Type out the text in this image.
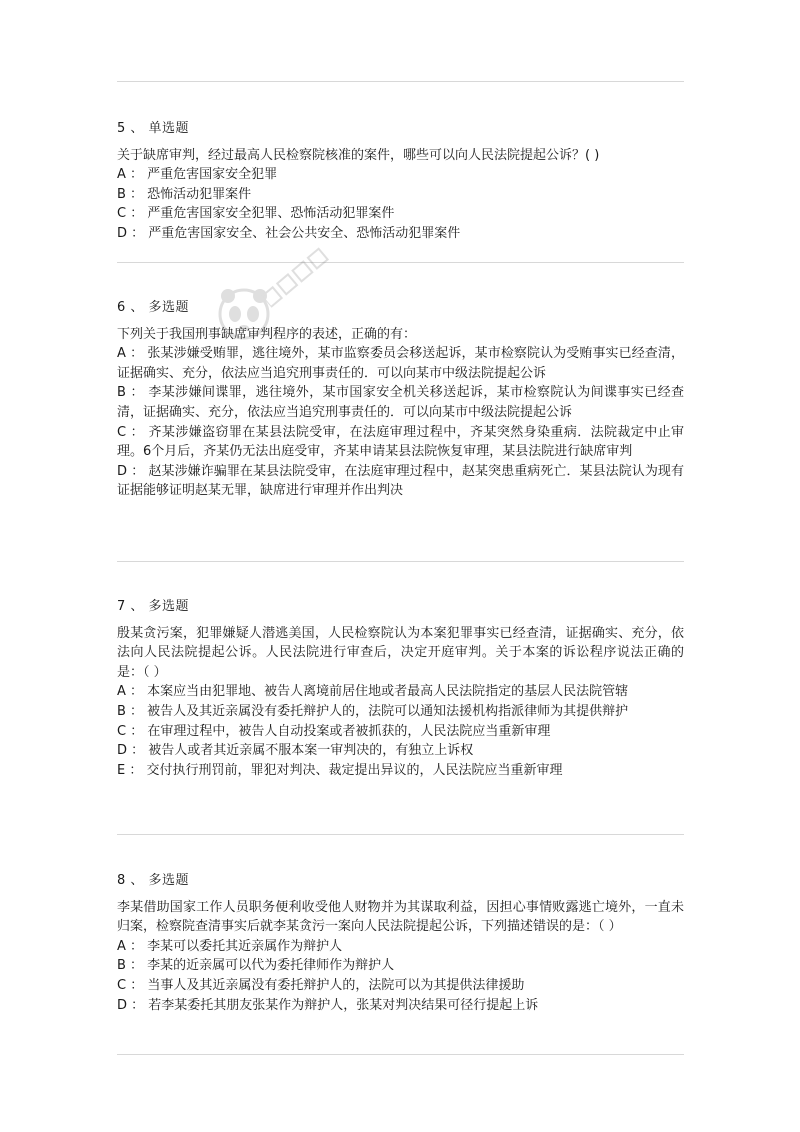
5 、 单选题

关于缺席审判，经过最高人民检察院核准的案件，哪些可以向人民法院提起公诉？( )

A ： 严重危害国家安全犯罪

B ： 恐怖活动犯罪案件

C ： 严重危害国家安全犯罪、恐怖活动犯罪案件

D ： 严重危害国家安全、社会公共安全、恐怖活动犯罪案件

6 、 多选题

下列关于我国刑事缺席审判程序的表述，正确的有：

A ： 张某涉嫌受贿罪，逃往境外，某市监察委员会移送起诉，某市检察院认为受贿事实已经查清，证据确实、充分，依法应当追究刑事责任的．可以向某市中级法院提起公诉

B ： 李某涉嫌间谍罪，逃往境外，某市国家安全机关移送起诉，某市检察院认为间谍事实已经查清，证据确实、充分，依法应当追究刑事责任的．可以向某市中级法院提起公诉

C ： 齐某涉嫌盗窃罪在某县法院受审，在法庭审理过程中，齐某突然身染重病．法院裁定中止审理。6个月后，齐某仍无法出庭受审，齐某申请某县法院恢复审理，某县法院进行缺席审判

D ： 赵某涉嫌诈骗罪在某县法院受审，在法庭审理过程中，赵某突患重病死亡．某县法院认为现有证据能够证明赵某无罪，缺席进行审理并作出判决

7 、 多选题

殷某贪污案，犯罪嫌疑人潜逃美国，人民检察院认为本案犯罪事实已经查清，证据确实、充分，依法向人民法院提起公诉。人民法院进行审查后，决定开庭审判。关于本案的诉讼程序说法正确的是：（ ）

A ： 本案应当由犯罪地、被告人离境前居住地或者最高人民法院指定的基层人民法院管辖

B ： 被告人及其近亲属没有委托辩护人的，法院可以通知法援机构指派律师为其提供辩护

C ： 在审理过程中，被告人自动投案或者被抓获的，人民法院应当重新审理

D ： 被告人或者其近亲属不服本案一审判决的，有独立上诉权

E ： 交付执行刑罚前，罪犯对判决、裁定提出异议的，人民法院应当重新审理

8 、 多选题

李某借助国家工作人员职务便利收受他人财物并为其谋取利益，因担心事情败露逃亡境外，一直未归案，检察院查清事实后就李某贪污一案向人民法院提起公诉，下列描述错误的是：（ ）

A ： 李某可以委托其近亲属作为辩护人

B ： 李某的近亲属可以代为委托律师作为辩护人

C ： 当事人及其近亲属没有委托辩护人的，法院可以为其提供法律援助

D ： 若李某委托其朋友张某作为辩护人，张某对判决结果可径行提起上诉
